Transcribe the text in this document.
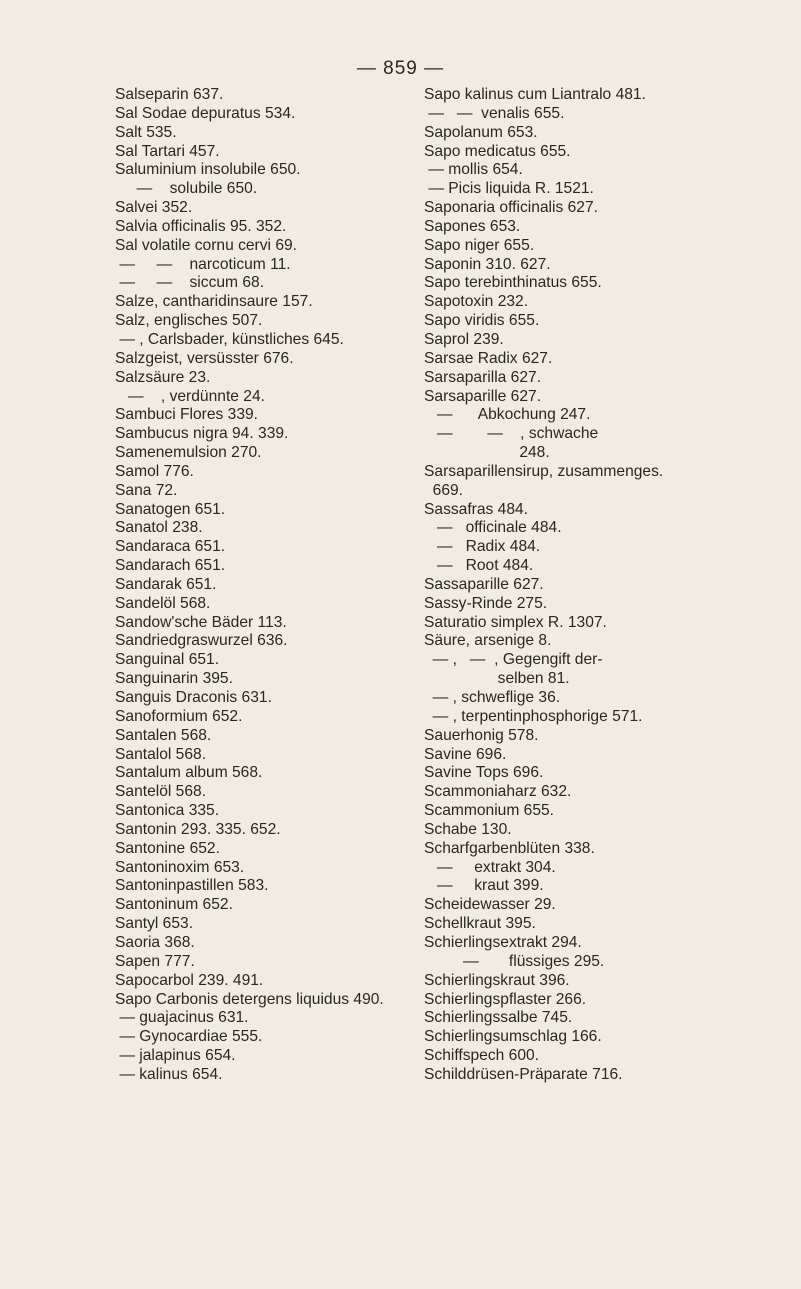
— 859 —
Salseparin 637.
Sal Sodae depuratus 534.
Salt 535.
Sal Tartari 457.
Saluminium insolubile 650.
—    solubile 650.
Salvei 352.
Salvia officinalis 95. 352.
Sal volatile cornu cervi 69.
—     —    narcoticum 11.
—     —    siccum 68.
Salze, cantharidinsaure 157.
Salz, englisches 507.
— , Carlsbader, künstliches 645.
Salzgeist, versüsster 676.
Salzsäure 23.
—    , verdünnte 24.
Sambuci Flores 339.
Sambucus nigra 94. 339.
Samenemulsion 270.
Samol 776.
Sana 72.
Sanatogen 651.
Sanatol 238.
Sandaraca 651.
Sandarach 651.
Sandarak 651.
Sandelöl 568.
Sandow'sche Bäder 113.
Sandriedgraswurzel 636.
Sanguinal 651.
Sanguinarin 395.
Sanguis Draconis 631.
Sanoformium 652.
Santalen 568.
Santalol 568.
Santalum album 568.
Santelöl 568.
Santonica 335.
Santonin 293. 335. 652.
Santonine 652.
Santoninoxim 653.
Santoninpastillen 583.
Santoninum 652.
Santyl 653.
Saoria 368.
Sapen 777.
Sapocarbol 239. 491.
Sapo Carbonis detergens liquidus 490.
— guajacinus 631.
— Gynocardiae 555.
— jalapinus 654.
— kalinus 654.
Sapo kalinus cum Liantralo 481.
—   —  venalis 655.
Sapolanum 653.
Sapo medicatus 655.
— mollis 654.
— Picis liquida R. 1521.
Saponaria officinalis 627.
Sapones 653.
Sapo niger 655.
Saponin 310. 627.
Sapo terebinthinatus 655.
Sapotoxin 232.
Sapo viridis 655.
Saprol 239.
Sarsae Radix 627.
Sarsaparilla 627.
Sarsaparille 627.
—      Abkochung 247.
—        —    , schwache
248.
Sarsaparillensirup, zusammenges.
669.
Sassafras 484.
—   officinale 484.
—   Radix 484.
—   Root 484.
Sassaparille 627.
Sassy-Rinde 275.
Saturatio simplex R. 1307.
Säure, arsenige 8.
— ,   —  , Gegengift der-
selben 81.
— , schweflige 36.
— , terpentinphosphorige 571.
Sauerhonig 578.
Savine 696.
Savine Tops 696.
Scammoniaharz 632.
Scammonium 655.
Schabe 130.
Scharfgarbenblüten 338.
—     extrakt 304.
—     kraut 399.
Scheidewasser 29.
Schellkraut 395.
Schierlingsextrakt 294.
—       flüssiges 295.
Schierlingskraut 396.
Schierlingspflaster 266.
Schierlingssalbe 745.
Schierlingsumschlag 166.
Schiffspech 600.
Schilddrüsen-Präparate 716.
